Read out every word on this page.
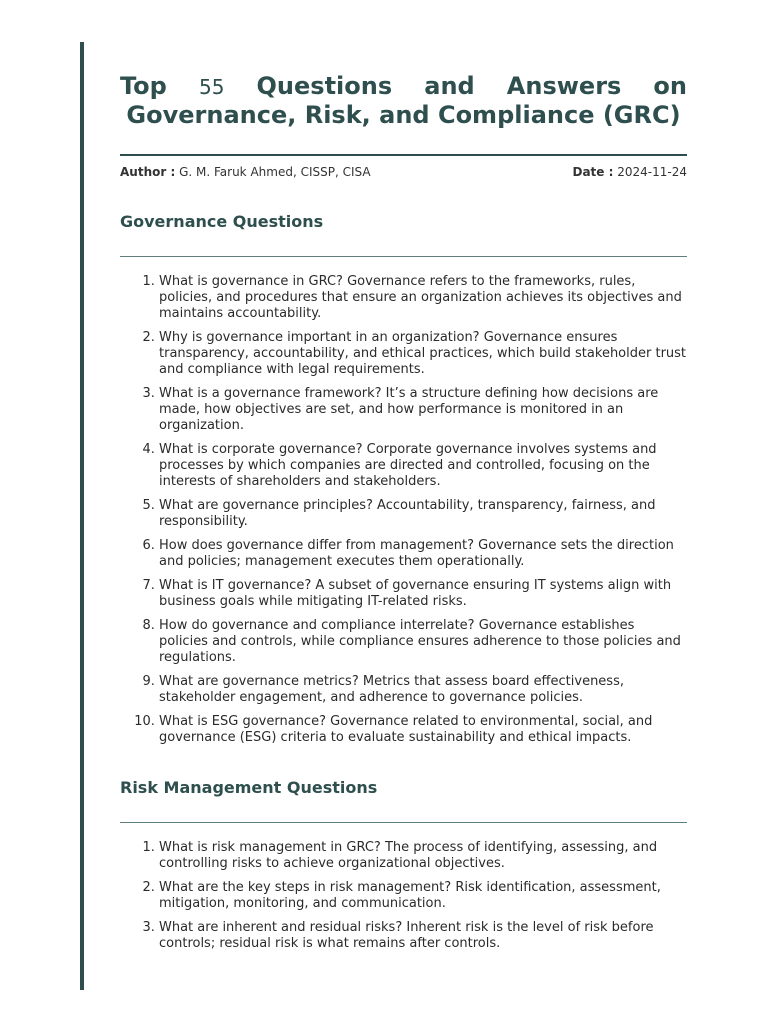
Top 55 Questions and Answers on Governance, Risk, and Compliance (GRC)
Author : G. M. Faruk Ahmed, CISSP, CISA	Date : 2024-11-24
Governance Questions
1. What is governance in GRC? Governance refers to the frameworks, rules, policies, and procedures that ensure an organization achieves its objectives and maintains accountability.
2. Why is governance important in an organization? Governance ensures transparency, accountability, and ethical practices, which build stakeholder trust and compliance with legal requirements.
3. What is a governance framework? It’s a structure defining how decisions are made, how objectives are set, and how performance is monitored in an organization.
4. What is corporate governance? Corporate governance involves systems and processes by which companies are directed and controlled, focusing on the interests of shareholders and stakeholders.
5. What are governance principles? Accountability, transparency, fairness, and responsibility.
6. How does governance differ from management? Governance sets the direction and policies; management executes them operationally.
7. What is IT governance? A subset of governance ensuring IT systems align with business goals while mitigating IT-related risks.
8. How do governance and compliance interrelate? Governance establishes policies and controls, while compliance ensures adherence to those policies and regulations.
9. What are governance metrics? Metrics that assess board effectiveness, stakeholder engagement, and adherence to governance policies.
10. What is ESG governance? Governance related to environmental, social, and governance (ESG) criteria to evaluate sustainability and ethical impacts.
Risk Management Questions
1. What is risk management in GRC? The process of identifying, assessing, and controlling risks to achieve organizational objectives.
2. What are the key steps in risk management? Risk identification, assessment, mitigation, monitoring, and communication.
3. What are inherent and residual risks? Inherent risk is the level of risk before controls; residual risk is what remains after controls.
